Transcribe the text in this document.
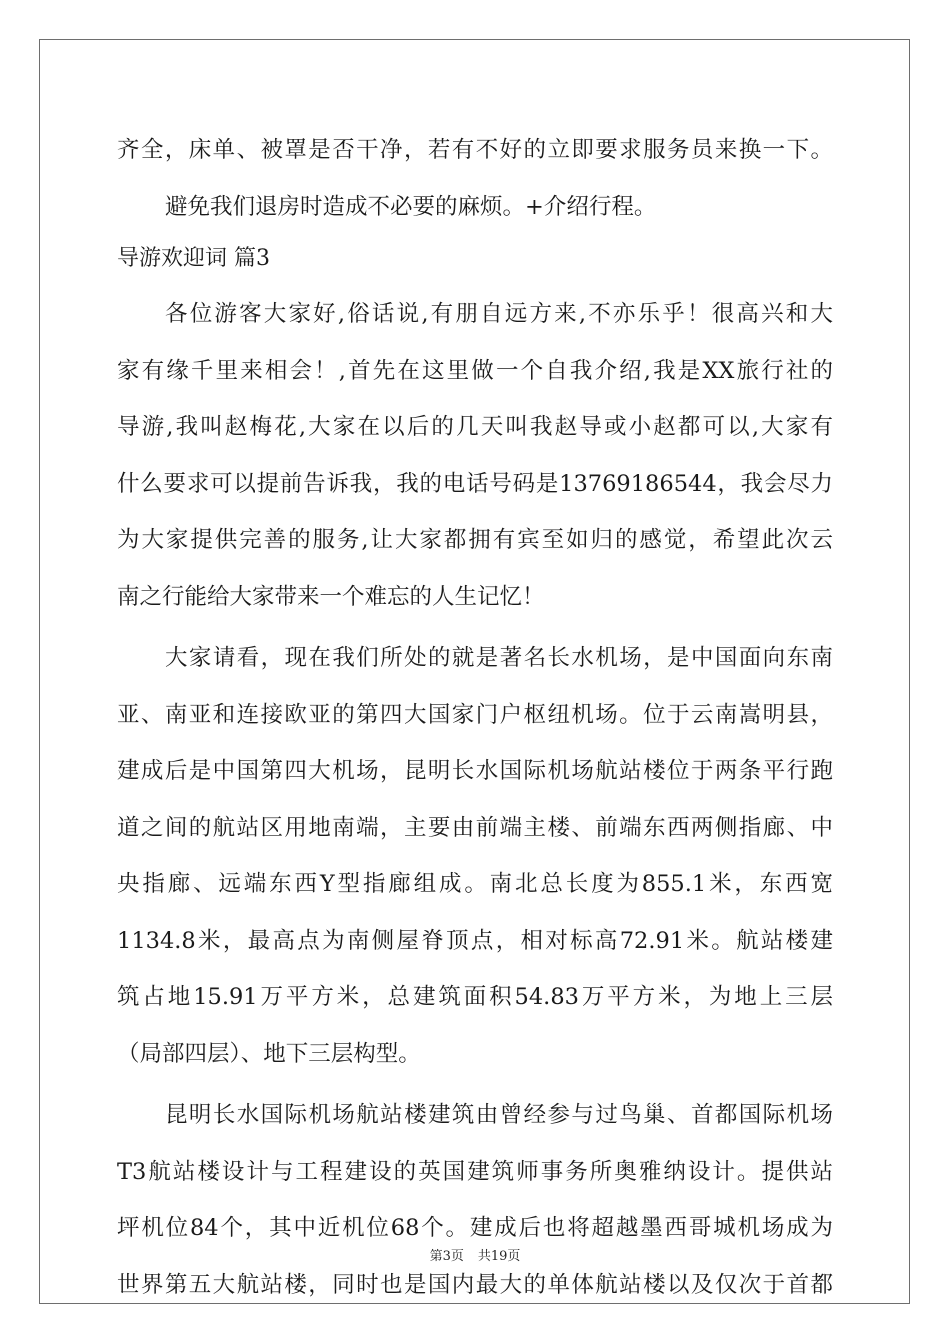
齐全，床单、被罩是否干净，若有不好的立即要求服务员来换一下。
避免我们退房时造成不必要的麻烦。+介绍行程。
导游欢迎词 篇3
各位游客大家好,俗话说,有朋自远方来,不亦乐乎！很高兴和大
家有缘千里来相会！,首先在这里做一个自我介绍,我是XX旅行社的
导游,我叫赵梅花,大家在以后的几天叫我赵导或小赵都可以,大家有
什么要求可以提前告诉我，我的电话号码是13769186544，我会尽力
为大家提供完善的服务,让大家都拥有宾至如归的感觉，希望此次云
南之行能给大家带来一个难忘的人生记忆！
大家请看，现在我们所处的就是著名长水机场，是中国面向东南
亚、南亚和连接欧亚的第四大国家门户枢纽机场。位于云南嵩明县，
建成后是中国第四大机场，昆明长水国际机场航站楼位于两条平行跑
道之间的航站区用地南端，主要由前端主楼、前端东西两侧指廊、中
央指廊、远端东西Y型指廊组成。南北总长度为855.1米，东西宽
1134.8米，最高点为南侧屋脊顶点，相对标高72.91米。航站楼建
筑占地15.91万平方米，总建筑面积54.83万平方米，为地上三层
（局部四层）、地下三层构型。
昆明长水国际机场航站楼建筑由曾经参与过鸟巢、首都国际机场
T3航站楼设计与工程建设的英国建筑师事务所奥雅纳设计。提供站
坪机位84个，其中近机位68个。建成后也将超越墨西哥城机场成为
世界第五大航站楼，同时也是国内最大的单体航站楼以及仅次于首都
第3页 共19页
